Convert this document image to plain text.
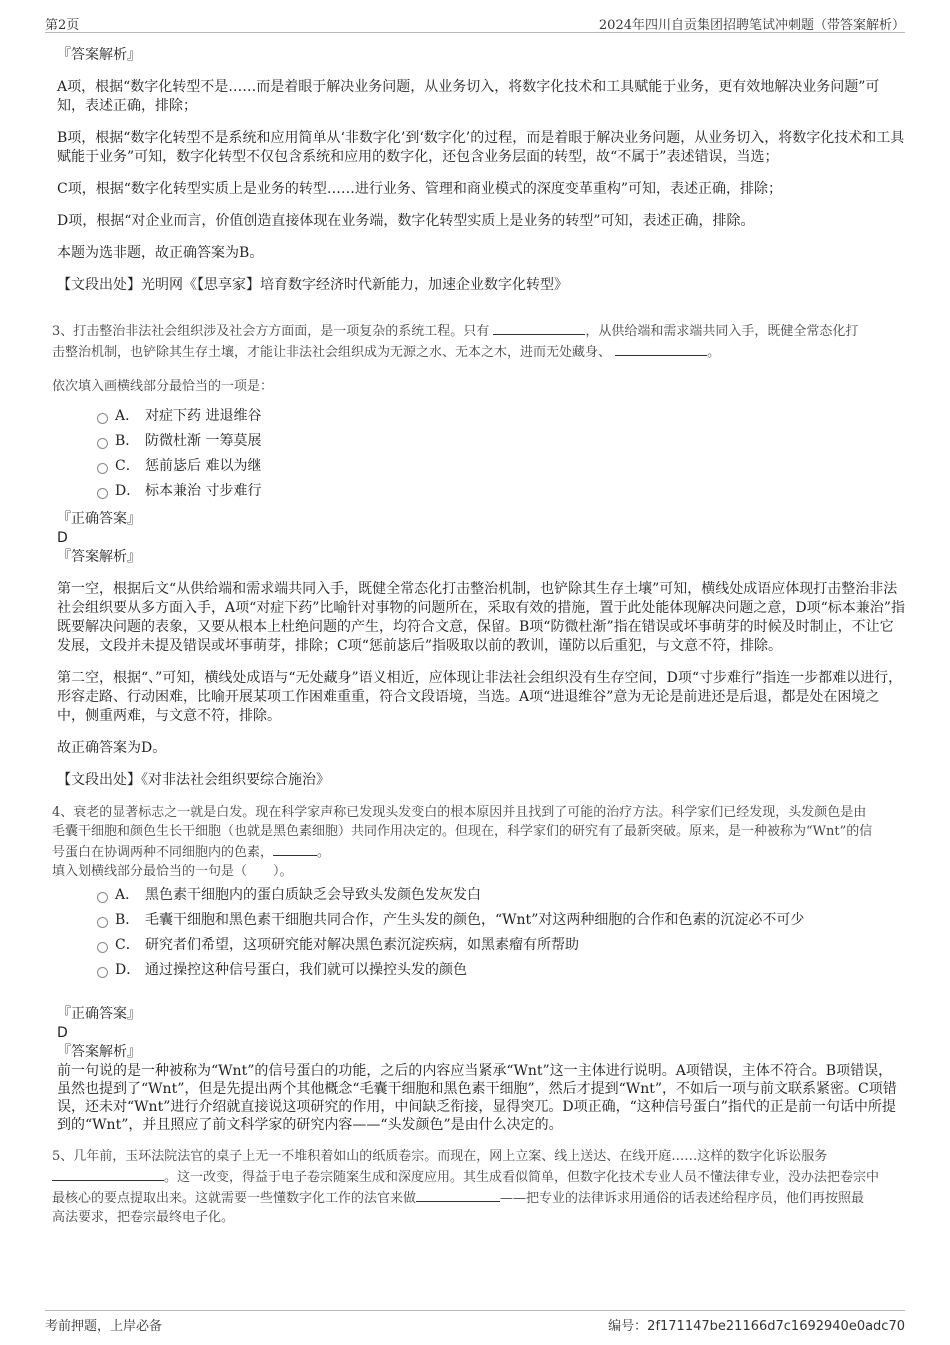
第2页	2024年四川自贡集团招聘笔试冲刺题（带答案解析）

『答案解析』

A项，根据“数字化转型不是……而是着眼于解决业务问题，从业务切入，将数字化技术和工具赋能于业务，更有效地解决业务问题”可知，表述正确，排除；

B项，根据“数字化转型不是系统和应用简单从‘非数字化’到‘数字化’的过程，而是着眼于解决业务问题，从业务切入，将数字化技术和工具赋能于业务”可知，数字化转型不仅包含系统和应用的数字化，还包含业务层面的转型，故“不属于”表述错误，当选；

C项，根据“数字化转型实质上是业务的转型……进行业务、管理和商业模式的深度变革重构”可知，表述正确，排除；

D项，根据“对企业而言，价值创造直接体现在业务端，数字化转型实质上是业务的转型”可知，表述正确，排除。

本题为选非题，故正确答案为B。

【文段出处】光明网《【思享家】培育数字经济时代新能力，加速企业数字化转型》

3、打击整治非法社会组织涉及社会方方面面，是一项复杂的系统工程。只有	，从供给端和需求端共同入手，既健全常态化打

击整治机制，也铲除其生存土壤，才能让非法社会组织成为无源之水、无本之木，进而无处藏身、	。

依次填入画横线部分最恰当的一项是：

A． 对症下药 进退维谷
B． 防微杜渐 一筹莫展
C． 惩前毖后 难以为继
D． 标本兼治 寸步难行

『正确答案』

D

『答案解析』

第一空，根据后文“从供给端和需求端共同入手，既健全常态化打击整治机制，也铲除其生存土壤”可知，横线处成语应体现打击整治非法社会组织要从多方面入手，A项“对症下药”比喻针对事物的问题所在，采取有效的措施，置于此处能体现解决问题之意，D项“标本兼治”指既要解决问题的表象，又要从根本上杜绝问题的产生，均符合文意，保留。B项“防微杜渐”指在错误或坏事萌芽的时候及时制止，不让它发展，文段并未提及错误或坏事萌芽，排除；C项“惩前毖后”指吸取以前的教训，谨防以后重犯，与文意不符，排除。

第二空，根据“、”可知，横线处成语与“无处藏身”语义相近，应体现让非法社会组织没有生存空间，D项“寸步难行”指连一步都难以进行，形容走路、行动困难，比喻开展某项工作困难重重，符合文段语境，当选。A项“进退维谷”意为无论是前进还是后退，都是处在困境之中，侧重两难，与文意不符，排除。

故正确答案为D。

【文段出处】《对非法社会组织要综合施治》

4、衰老的显著标志之一就是白发。现在科学家声称已发现头发变白的根本原因并且找到了可能的治疗方法。科学家们已经发现，头发颜色是由

毛囊干细胞和颜色生长干细胞（也就是黑色素细胞）共同作用决定的。但现在，科学家们的研究有了最新突破。原来，是一种被称为“Wnt”的信

号蛋白在协调两种不同细胞内的色素，	。

填入划横线部分最恰当的一句是（　　）。

A． 黑色素干细胞内的蛋白质缺乏会导致头发颜色发灰发白
B． 毛囊干细胞和黑色素干细胞共同合作，产生头发的颜色，“Wnt”对这两种细胞的合作和色素的沉淀必不可少
C． 研究者们希望，这项研究能对解决黑色素沉淀疾病，如黑素瘤有所帮助
D． 通过操控这种信号蛋白，我们就可以操控头发的颜色

『正确答案』

D

『答案解析』

前一句说的是一种被称为“Wnt”的信号蛋白的功能，之后的内容应当紧承“Wnt”这一主体进行说明。A项错误，主体不符合。B项错误，虽然也提到了“Wnt”，但是先提出两个其他概念“毛囊干细胞和黑色素干细胞”，然后才提到“Wnt”，不如后一项与前文联系紧密。C项错误，还未对“Wnt”进行介绍就直接说这项研究的作用，中间缺乏衔接，显得突兀。D项正确，“这种信号蛋白”指代的正是前一句话中所提到的“Wnt”，并且照应了前文科学家的研究内容——“头发颜色”是由什么决定的。

5、几年前，玉环法院法官的桌子上无一不堆积着如山的纸质卷宗。而现在，网上立案、线上送达、在线开庭……这样的数字化诉讼服务

。这一改变，得益于电子卷宗随案生成和深度应用。其生成看似简单，但数字化技术专业人员不懂法律专业，没办法把卷宗中

最核心的要点提取出来。这就需要一些懂数字化工作的法官来做	——把专业的法律诉求用通俗的话表述给程序员，他们再按照最

高法要求，把卷宗最终电子化。

考前押题，上岸必备	编号：2f171147be21166d7c1692940e0adc70
